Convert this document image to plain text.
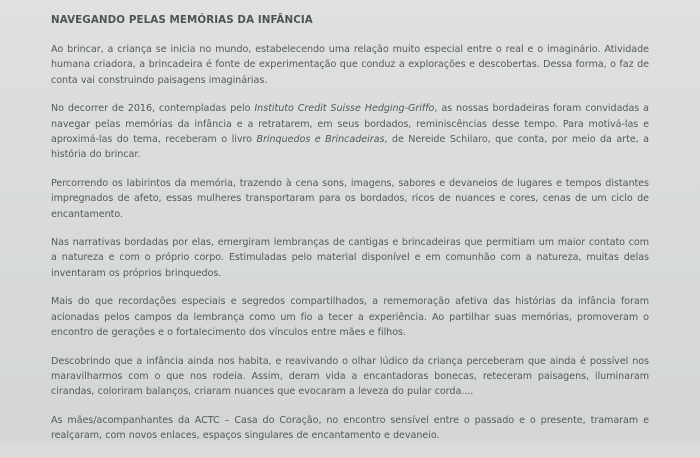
NAVEGANDO PELAS MEMÓRIAS DA INFÂNCIA

Ao brincar, a criança se inicia no mundo, estabelecendo uma relação muito especial entre o real e o imaginário. Atividade humana criadora, a brincadeira é fonte de experimentação que conduz a explorações e descobertas. Dessa forma, o faz de conta vai construindo paisagens imaginárias.

No decorrer de 2016, contempladas pelo Instituto Credit Suisse Hedging-Griffo, as nossas bordadeiras foram convidadas a navegar pelas memórias da infância e a retratarem, em seus bordados, reminiscências desse tempo. Para motivá-las e aproximá-las do tema, receberam o livro Brinquedos e Brincadeiras, de Nereide Schilaro, que conta, por meio da arte, a história do brincar.

Percorrendo os labirintos da memória, trazendo à cena sons, imagens, sabores e devaneios de lugares e tempos distantes impregnados de afeto, essas mulheres transportaram para os bordados, ricos de nuances e cores, cenas de um ciclo de encantamento.

Nas narrativas bordadas por elas, emergiram lembranças de cantigas e brincadeiras que permitiam um maior contato com a natureza e com o próprio corpo. Estimuladas pelo material disponível e em comunhão com a natureza, muitas delas inventaram os próprios brinquedos.

Mais do que recordações especiais e segredos compartilhados, a rememoração afetiva das histórias da infância foram acionadas pelos campos da lembrança como um fio a tecer a experiência. Ao partilhar suas memórias, promoveram o encontro de gerações e o fortalecimento dos vínculos entre mães e filhos.

Descobrindo que a infância ainda nos habita, e reavivando o olhar lúdico da criança perceberam que ainda é possível nos maravilharmos com o que nos rodeia. Assim, deram vida a encantadoras bonecas, reteceram paisagens, iluminaram cirandas, coloriram balanços, criaram nuances que evocaram a leveza do pular corda....

As mães/acompanhantes da ACTC – Casa do Coração, no encontro sensível entre o passado e o presente, tramaram e realçaram, com novos enlaces, espaços singulares de encantamento e devaneio.
